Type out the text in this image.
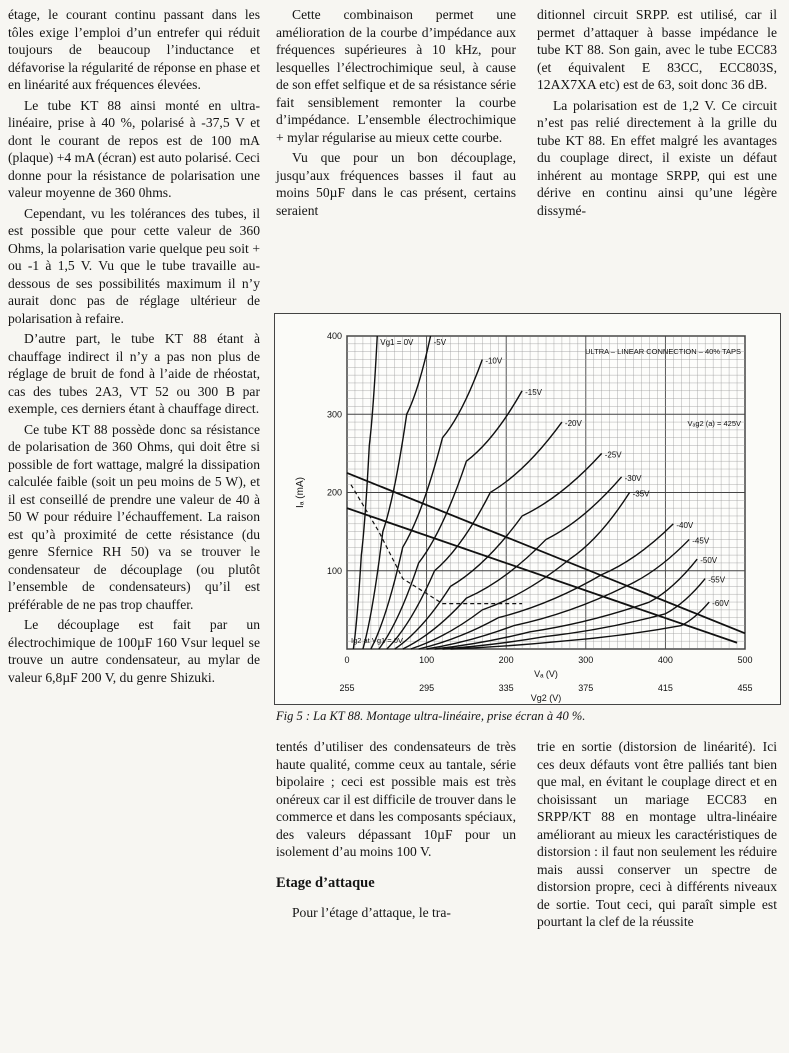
étage, le courant continu passant dans les tôles exige l’emploi d’un entrefer qui réduit toujours de beaucoup l’inductance et défavorise la régularité de réponse en phase et en linéarité aux fréquences élevées.

Le tube KT 88 ainsi monté en ultra-linéaire, prise à 40 %, polarisé à -37,5 V et dont le courant de repos est de 100 mA (plaque) +4 mA (écran) est auto polarisé. Ceci donne pour la résistance de polarisation une valeur moyenne de 360 0hms.

Cependant, vu les tolérances des tubes, il est possible que pour cette valeur de 360 Ohms, la polarisation varie quelque peu soit + ou -1 à 1,5 V. Vu que le tube travaille au-dessous de ses possibilités maximum il n’y aurait donc pas de réglage ultérieur de polarisation à refaire.

D’autre part, le tube KT 88 étant à chauffage indirect il n’y a pas non plus de réglage de bruit de fond à l’aide de rhéostat, cas des tubes 2A3, VT 52 ou 300 B par exemple, ces derniers étant à chauffage direct.

Ce tube KT 88 possède donc sa résistance de polarisation de 360 Ohms, qui doit être si possible de fort wattage, malgré la dissipation calculée faible (soit un peu moins de 5 W), et il est conseillé de prendre une valeur de 40 à 50 W pour réduire l’échauffement. La raison est qu’à proximité de cette résistance (du genre Sfernice RH 50) va se trouver le condensateur de découplage (ou plutôt l’ensemble de condensateurs) qu’il est préférable de ne pas trop chauffer.

Le découplage est fait par un électrochimique de 100µF 160 Vsur lequel se trouve un autre condensateur, au mylar de valeur 6,8µF 200 V, du genre Shizuki.

Cette combinaison permet une amélioration de la courbe d’impédance aux fréquences supérieures à 10 kHz, pour lesquelles l’électrochimique seul, à cause de son effet selfique et de sa résistance série fait sensiblement remonter la courbe d’impédance. L’ensemble électrochimique + mylar régularise au mieux cette courbe.

Vu que pour un bon découplage, jusqu’aux fréquences basses il faut au moins 50µF dans le cas présent, certains seraient

ditionnel circuit SRPP. est utilisé, car il permet d’attaquer à basse impédance le tube KT 88. Son gain, avec le tube ECC83 (et équivalent E 83CC, ECC803S, 12AX7XA etc) est de 63, soit donc 36 dB.

La polarisation est de 1,2 V. Ce circuit n’est pas relié directement à la grille du tube KT 88. En effet malgré les avantages du couplage direct, il existe un défaut inhérent au montage SRPP, qui est une dérive en continu ainsi qu’une légère dissymé-

Vg1 = 0V	-5V
-10V
-15V
-20V
-25V
-30V
-35V
-40V
-45V
-50V
-55V
-60V
0
255
100
295
200
335
300
375
400
415
500
455
100
200
300
400
Vₐ (V)
Vg2 (V)
Iₐ (mA)
ULTRA – LINEAR CONNECTION – 40% TAPS
Vₐg2 (a) = 425V
Ig2 at Vg1 = 0V
Fig 5 : La KT 88. Montage ultra-linéaire, prise écran à 40 %.

tentés d’utiliser des condensateurs de très haute qualité, comme ceux au tantale, série bipolaire ; ceci est possible mais est très onéreux car il est difficile de trouver dans le commerce et dans les composants spéciaux, des valeurs dépassant 10µF pour un isolement d’au moins 100 V.

Etage d’attaque

Pour l’étage d’attaque, le tra-

trie en sortie (distorsion de linéarité). Ici ces deux défauts vont être palliés tant bien que mal, en évitant le couplage direct et en choisissant un mariage ECC83 en SRPP/KT 88 en montage ultra-linéaire améliorant au mieux les caractéristiques de distorsion : il faut non seulement les réduire mais aussi conserver un spectre de distorsion propre, ceci à différents niveaux de sortie. Tout ceci, qui paraît simple est pourtant la clef de la réussite
